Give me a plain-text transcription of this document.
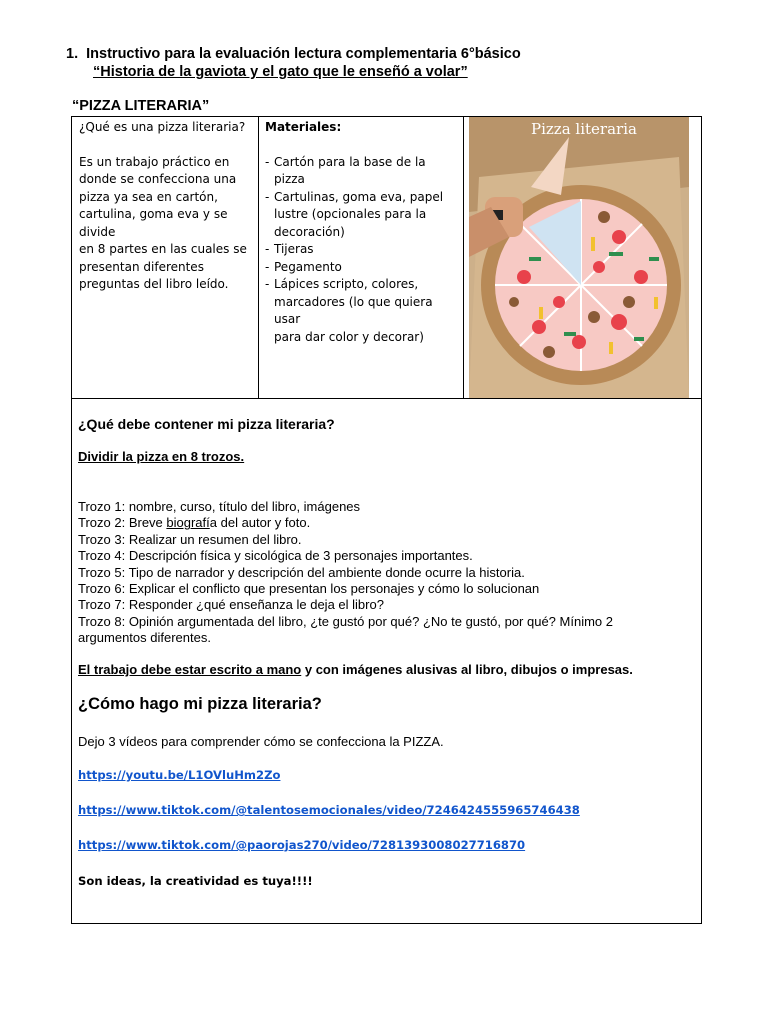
1. Instructivo para la evaluación lectura complementaria 6°básico
“Historia de la gaviota y el gato que le enseñó a volar”
“PIZZA LITERARIA”
¿Qué es una pizza literaria?
Es un trabajo práctico en
donde se confecciona una
pizza ya sea en cartón,
cartulina, goma eva y se divide
en 8 partes en las cuales se
presentan diferentes
preguntas del libro leído.
Materiales:
- Cartón para la base de la pizza
- Cartulinas, goma eva, papel
lustre (opcionales para la
decoración)
- Tijeras
- Pegamento
- Lápices scripto, colores,
marcadores (lo que quiera usar
para dar color y decorar)
Pizza literaria
¿Qué debe contener mi pizza literaria?
Dividir la pizza en 8 trozos.
Trozo 1: nombre, curso, título del libro, imágenes
Trozo 2: Breve biografía del autor y foto.
Trozo 3: Realizar un resumen del libro.
Trozo 4: Descripción física y sicológica de 3 personajes importantes.
Trozo 5: Tipo de narrador y descripción del ambiente donde ocurre la historia.
Trozo 6: Explicar el conflicto que presentan los personajes y cómo lo solucionan
Trozo 7: Responder ¿qué enseñanza le deja el libro?
Trozo 8: Opinión argumentada del libro, ¿te gustó por qué? ¿No te gustó, por qué? Mínimo 2
argumentos diferentes.
El trabajo debe estar escrito a mano y con imágenes alusivas al libro, dibujos o impresas.
¿Cómo hago mi pizza literaria?
Dejo 3 vídeos para comprender cómo se confecciona la PIZZA.
https://youtu.be/L1OVluHm2Zo
https://www.tiktok.com/@talentosemocionales/video/7246424555965746438
https://www.tiktok.com/@paorojas270/video/7281393008027716870
Son ideas, la creatividad es tuya!!!!
